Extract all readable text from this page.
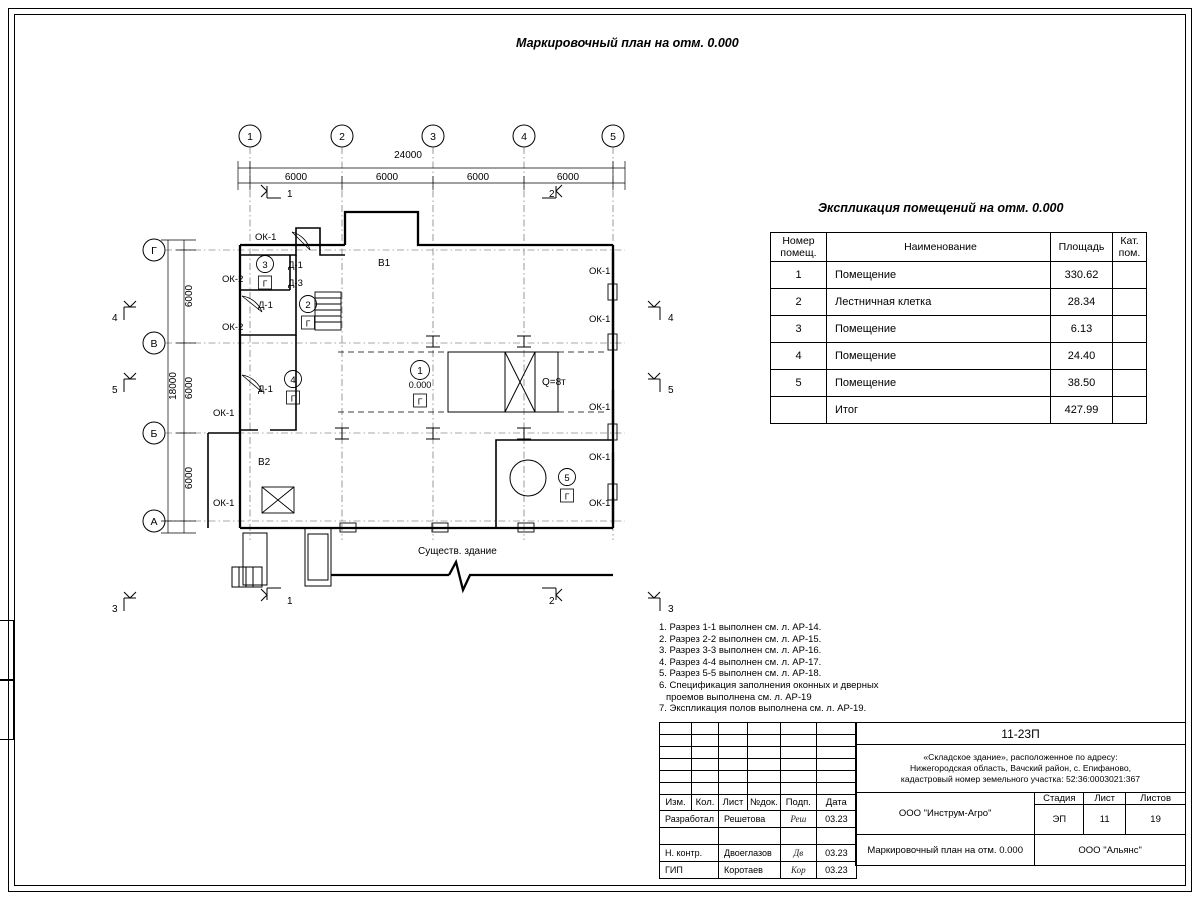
Маркировочный план на отм. 0.000
Экспликация помещений на отм. 0.000
1	2	3	4	5
Г
В
Б
А
24000
6000	6000	6000	6000
18000
6000
6000
6000
1	2
1	2
4	4
5	5
3	3
ОК-1
ОК-2
ОК-2
ОК-1
ОК-1
ОК-1
ОК-1
ОК-1
ОК-1
ОК-1
Д-1
Д-3
Д-1
Д-1
В1
В2
3
Г
2
Г
4
Г
1
0.000
Г
5
Г
Q=8т
Сущеcтв. здание
Номер
помещ.	Наименование	Площадь	Кат.
пом.
1	Помещение	330.62	
2	Лестничная клетка	28.34	
3	Помещение	6.13	
4	Помещение	24.40	
5	Помещение	38.50	
	Итог	427.99	
1. Разрез 1-1 выполнен см. л. АР-14.
2. Разрез 2-2 выполнен см. л. АР-15.
3. Разрез 3-3 выполнен см. л. АР-16.
4. Разрез 4-4 выполнен см. л. АР-17.
5. Разрез 5-5 выполнен см. л. АР-18.
6. Спецификация заполнения оконных и дверных
проемов выполнена см. л. АР-19
7. Экспликация полов выполнена см. л. АР-19.

Изм.	Кол.	Лист	№док.	Подп.	Дата
Разработал		Решетова		Реш	03.23

Н. контр.		Двоеглазов		Дв	03.23
ГИП		Коротаев		Кор	03.23
11-23П			
«Складское здание», расположенное по адресу:
Нижегородская область, Вачский район, с. Епифаново,
кадастровый номер земельного участка: 52:36:0003021:367			
ООО "Инструм-Агро"	Стадия	Лист	Листов
	ЭП	11	19
Маркировочный план на отм. 0.000	ООО "Альянс"		
